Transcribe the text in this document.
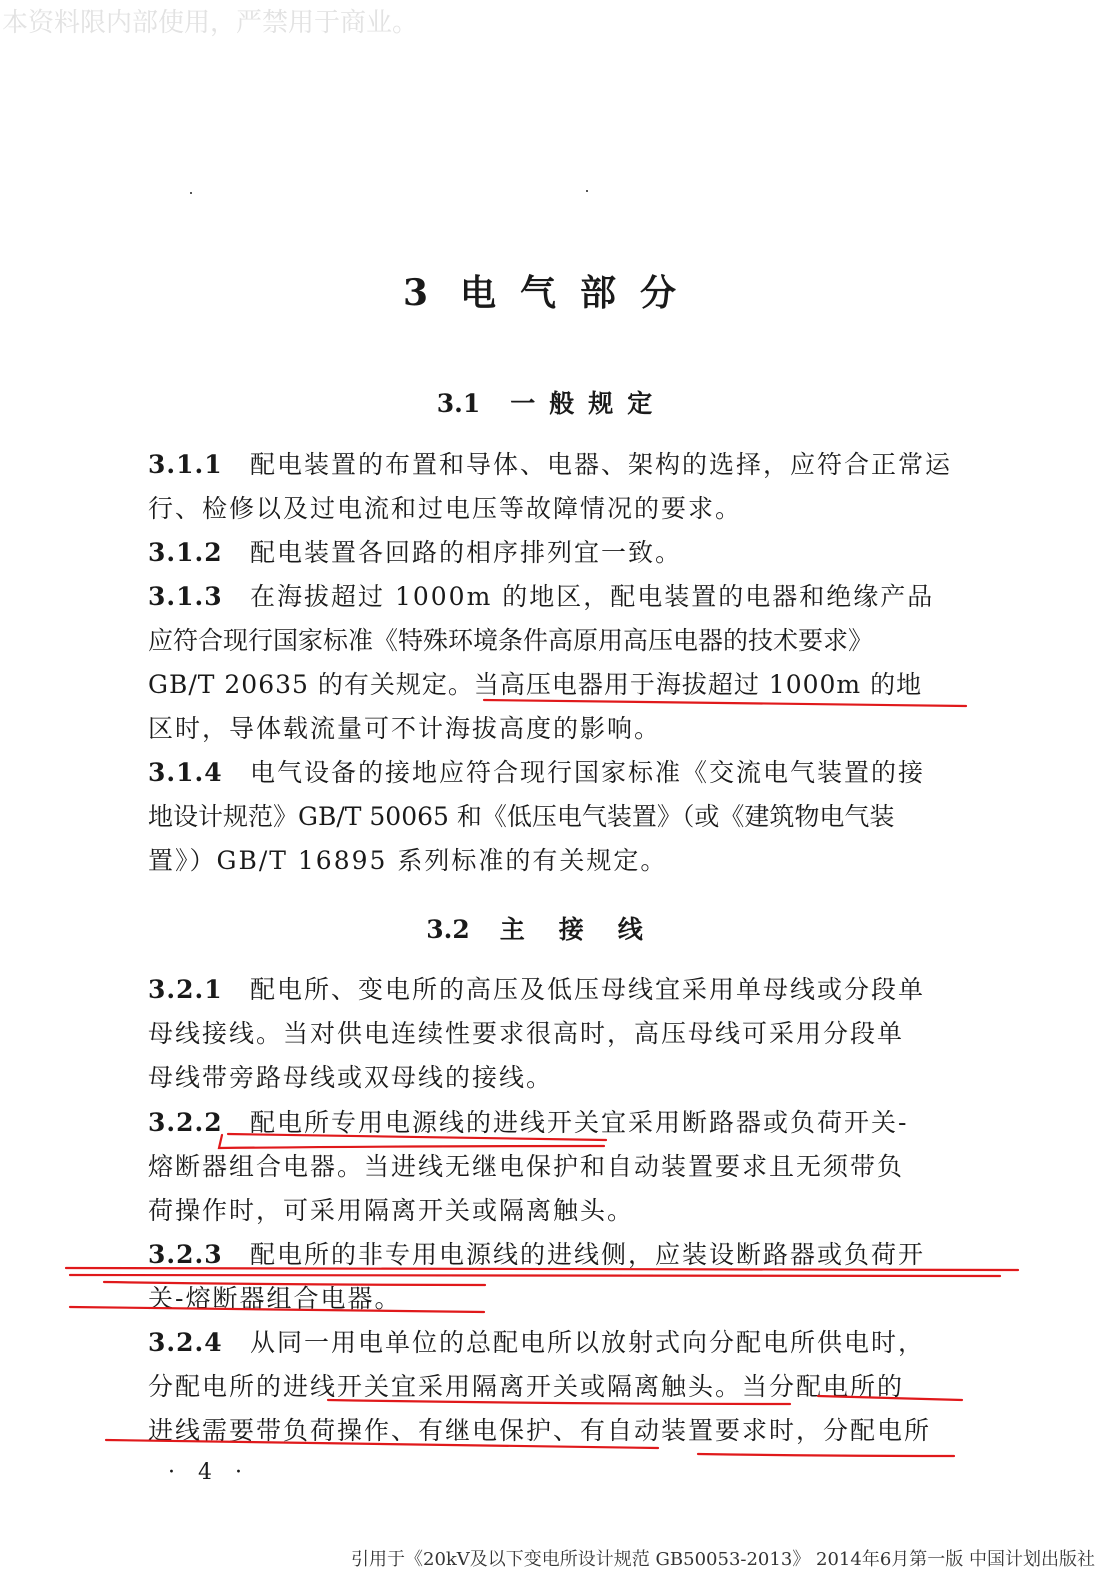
本资料限内部使用，严禁用于商业。
3 电气部分
3.1 一般规定
3.1.1 配电装置的布置和导体、电器、架构的选择，应符合正常运
行、检修以及过电流和过电压等故障情况的要求。
3.1.2 配电装置各回路的相序排列宜一致。
3.1.3 在海拔超过 1000m 的地区，配电装置的电器和绝缘产品
应符合现行国家标准《特殊环境条件高原用高压电器的技术要求》
GB/T 20635 的有关规定。当高压电器用于海拔超过 1000m 的地
区时，导体载流量可不计海拔高度的影响。
3.1.4 电气设备的接地应符合现行国家标准《交流电气装置的接
地设计规范》GB/T 50065 和《低压电气装置》（或《建筑物电气装
置》）GB/T 16895 系列标准的有关规定。
3.2 主接线
3.2.1 配电所、变电所的高压及低压母线宜采用单母线或分段单
母线接线。当对供电连续性要求很高时，高压母线可采用分段单
母线带旁路母线或双母线的接线。
3.2.2 配电所专用电源线的进线开关宜采用断路器或负荷开关-
熔断器组合电器。当进线无继电保护和自动装置要求且无须带负
荷操作时，可采用隔离开关或隔离触头。
3.2.3 配电所的非专用电源线的进线侧，应装设断路器或负荷开
关-熔断器组合电器。
3.2.4 从同一用电单位的总配电所以放射式向分配电所供电时，
分配电所的进线开关宜采用隔离开关或隔离触头。当分配电所的
进线需要带负荷操作、有继电保护、有自动装置要求时，分配电所
· 4 ·
引用于《20kV及以下变电所设计规范 GB50053-2013》 2014年6月第一版 中国计划出版社
